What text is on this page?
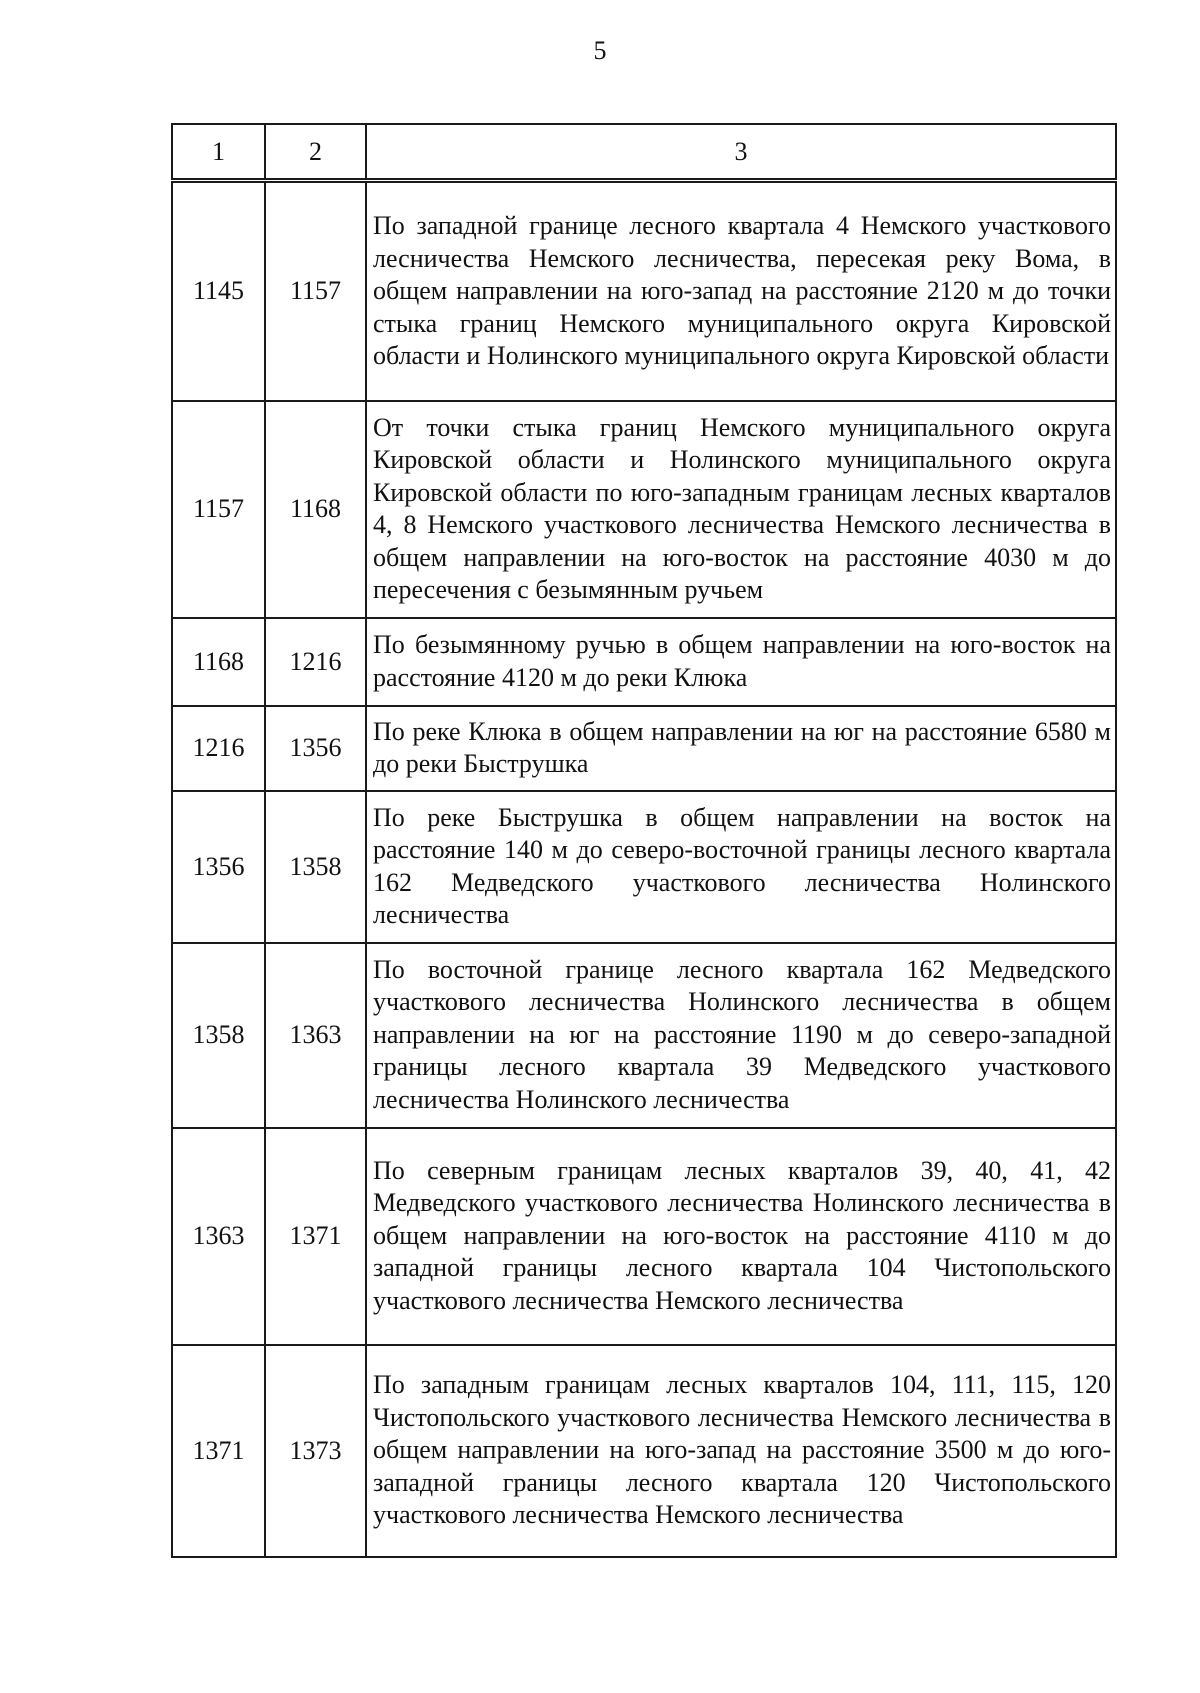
5
1	2	3
1145	1157	По западной границе лесного квартала 4 Немского участкового лесничества Немского лесничества, пересекая реку Вома, в общем направлении на юго-запад на расстояние 2120 м до точки стыка границ Немского муниципального округа Кировской области и Нолинского муниципального округа Кировской области
1157	1168	От точки стыка границ Немского муниципального округа Кировской области и Нолинского муниципального округа Кировской области по юго-западным границам лесных кварталов 4, 8 Немского участкового лесничества Немского лесничества в общем направлении на юго-восток на расстояние 4030 м до пересечения с безымянным ручьем
1168	1216	По безымянному ручью в общем направлении на юго-восток на расстояние 4120 м до реки Клюка
1216	1356	По реке Клюка в общем направлении на юг на расстояние 6580 м до реки Быструшка
1356	1358	По реке Быструшка в общем направлении на восток на расстояние 140 м до северо-восточной границы лесного квартала 162 Медведского участкового лесничества Нолинского лесничества
1358	1363	По восточной границе лесного квартала 162 Медведского участкового лесничества Нолинского лесничества в общем направлении на юг на расстояние 1190 м до северо-западной границы лесного квартала 39 Медведского участкового лесничества Нолинского лесничества
1363	1371	По северным границам лесных кварталов 39, 40, 41, 42 Медведского участкового лесничества Нолинского лесничества в общем направлении на юго-восток на расстояние 4110 м до западной границы лесного квартала 104 Чистопольского участкового лесничества Немского лесничества
1371	1373	По западным границам лесных кварталов 104, 111, 115, 120 Чистопольского участкового лесничества Немского лесничества в общем направлении на юго-запад на расстояние 3500 м до юго-западной границы лесного квартала 120 Чистопольского участкового лесничества Немского лесничества
